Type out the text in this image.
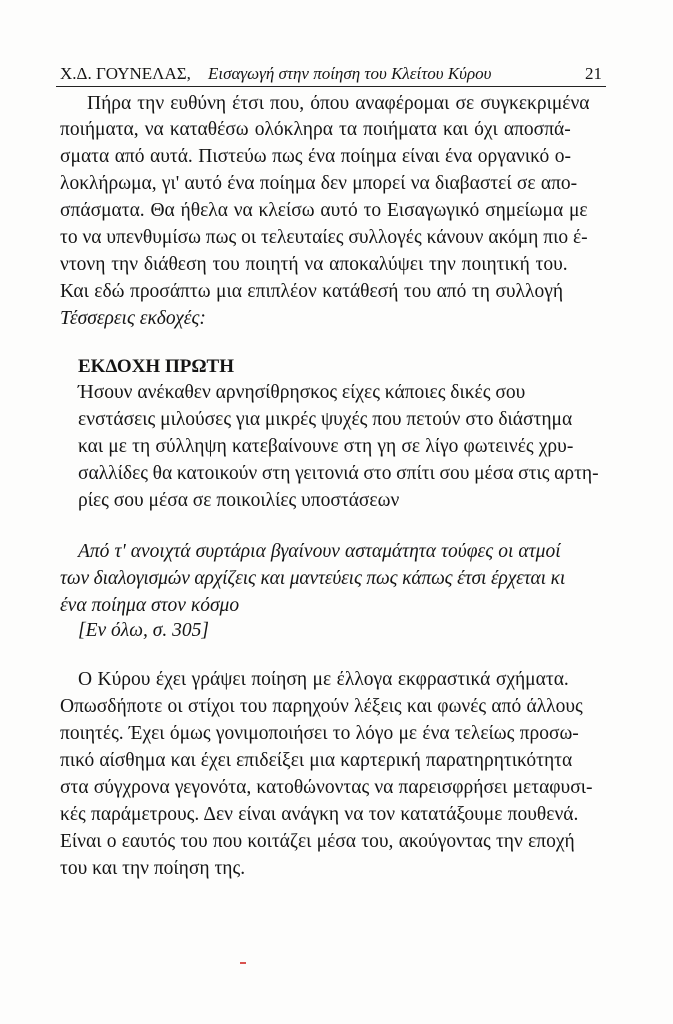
Χ.Δ. ΓΟΥΝΕΛΑΣ, Εισαγωγή στην ποίηση του Κλείτου Κύρου	21
Πήρα την ευθύνη έτσι που, όπου αναφέρομαι σε συγκεκριμένα
ποιήματα, να καταθέσω ολόκληρα τα ποιήματα και όχι αποσπά-
σματα από αυτά. Πιστεύω πως ένα ποίημα είναι ένα οργανικό ο-
λοκλήρωμα, γι' αυτό ένα ποίημα δεν μπορεί να διαβαστεί σε απο-
σπάσματα. Θα ήθελα να κλείσω αυτό το Εισαγωγικό σημείωμα με
το να υπενθυμίσω πως οι τελευταίες συλλογές κάνουν ακόμη πιο έ-
ντονη την διάθεση του ποιητή να αποκαλύψει την ποιητική του.
Και εδώ προσάπτω μια επιπλέον κατάθεσή του από τη συλλογή
Τέσσερεις εκδοχές:
ΕΚΔΟΧΗ ΠΡΩΤΗ
Ήσουν ανέκαθεν αρνησίθρησκος είχες κάποιες δικές σου
ενστάσεις μιλούσες για μικρές ψυχές που πετούν στο διάστημα
και με τη σύλληψη κατεβαίνουνε στη γη σε λίγο φωτεινές χρυ-
σαλλίδες θα κατοικούν στη γειτονιά στο σπίτι σου μέσα στις αρτη-
ρίες σου μέσα σε ποικοιλίες υποστάσεων
Από τ' ανοιχτά συρτάρια βγαίνουν ασταμάτητα τούφες οι ατμοί
των διαλογισμών αρχίζεις και μαντεύεις πως κάπως έτσι έρχεται κι
ένα ποίημα στον κόσμο
[Εν όλω, σ. 305]
Ο Κύρου έχει γράψει ποίηση με έλλογα εκφραστικά σχήματα.
Οπωσδήποτε οι στίχοι του παρηχούν λέξεις και φωνές από άλλους
ποιητές. Έχει όμως γονιμοποιήσει το λόγο με ένα τελείως προσω-
πικό αίσθημα και έχει επιδείξει μια καρτερική παρατηρητικότητα
στα σύγχρονα γεγονότα, κατοθώνοντας να παρεισφρήσει μεταφυσι-
κές παράμετρους. Δεν είναι ανάγκη να τον κατατάξουμε πουθενά.
Είναι ο εαυτός του που κοιτάζει μέσα του, ακούγοντας την εποχή
του και την ποίηση της.
